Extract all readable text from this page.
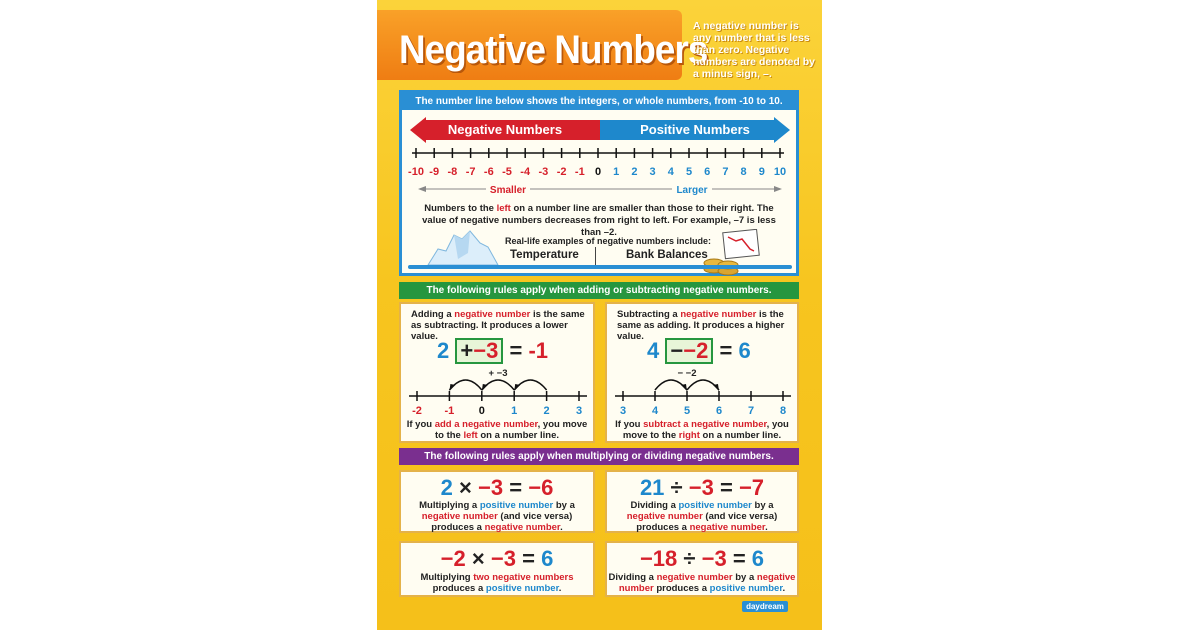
Negative Numbers
A negative number is any number that is less than zero. Negative numbers are denoted by a minus sign, –.
The number line below shows the integers, or whole numbers, from -10 to 10.
Negative Numbers	Positive Numbers
-10 -9 -8 -7 -6 -5 -4 -3 -2 -1 0 1 2 3 4 5 6 7 8 9 10
Smaller	Larger
Numbers to the left on a number line are smaller than those to their right. The value of negative numbers decreases from right to left. For example, –7 is less than –2.
Real-life examples of negative numbers include:
Temperature	Bank Balances
The following rules apply when adding or subtracting negative numbers.
Adding a negative number is the same as subtracting. It produces a lower value.
2 +−3 = -1
-2 -1 0 1 2 3
+ −3
If you add a negative number, you move to the left on a number line.
Subtracting a negative number is the same as adding. It produces a higher value.
4 −−2 = 6
3 4 5 6 7 8
− −2
If you subtract a negative number, you move to the right on a number line.
The following rules apply when multiplying or dividing negative numbers.
2 × −3 = −6
Multiplying a positive number by a
negative number (and vice versa)
produces a negative number.
21 ÷ −3 = −7
Dividing a positive number by a
negative number (and vice versa)
produces a negative number.
−2 × −3 = 6
Multiplying two negative numbers
produces a positive number.
−18 ÷ −3 = 6
Dividing a negative number by a negative
number produces a positive number.
daydream
